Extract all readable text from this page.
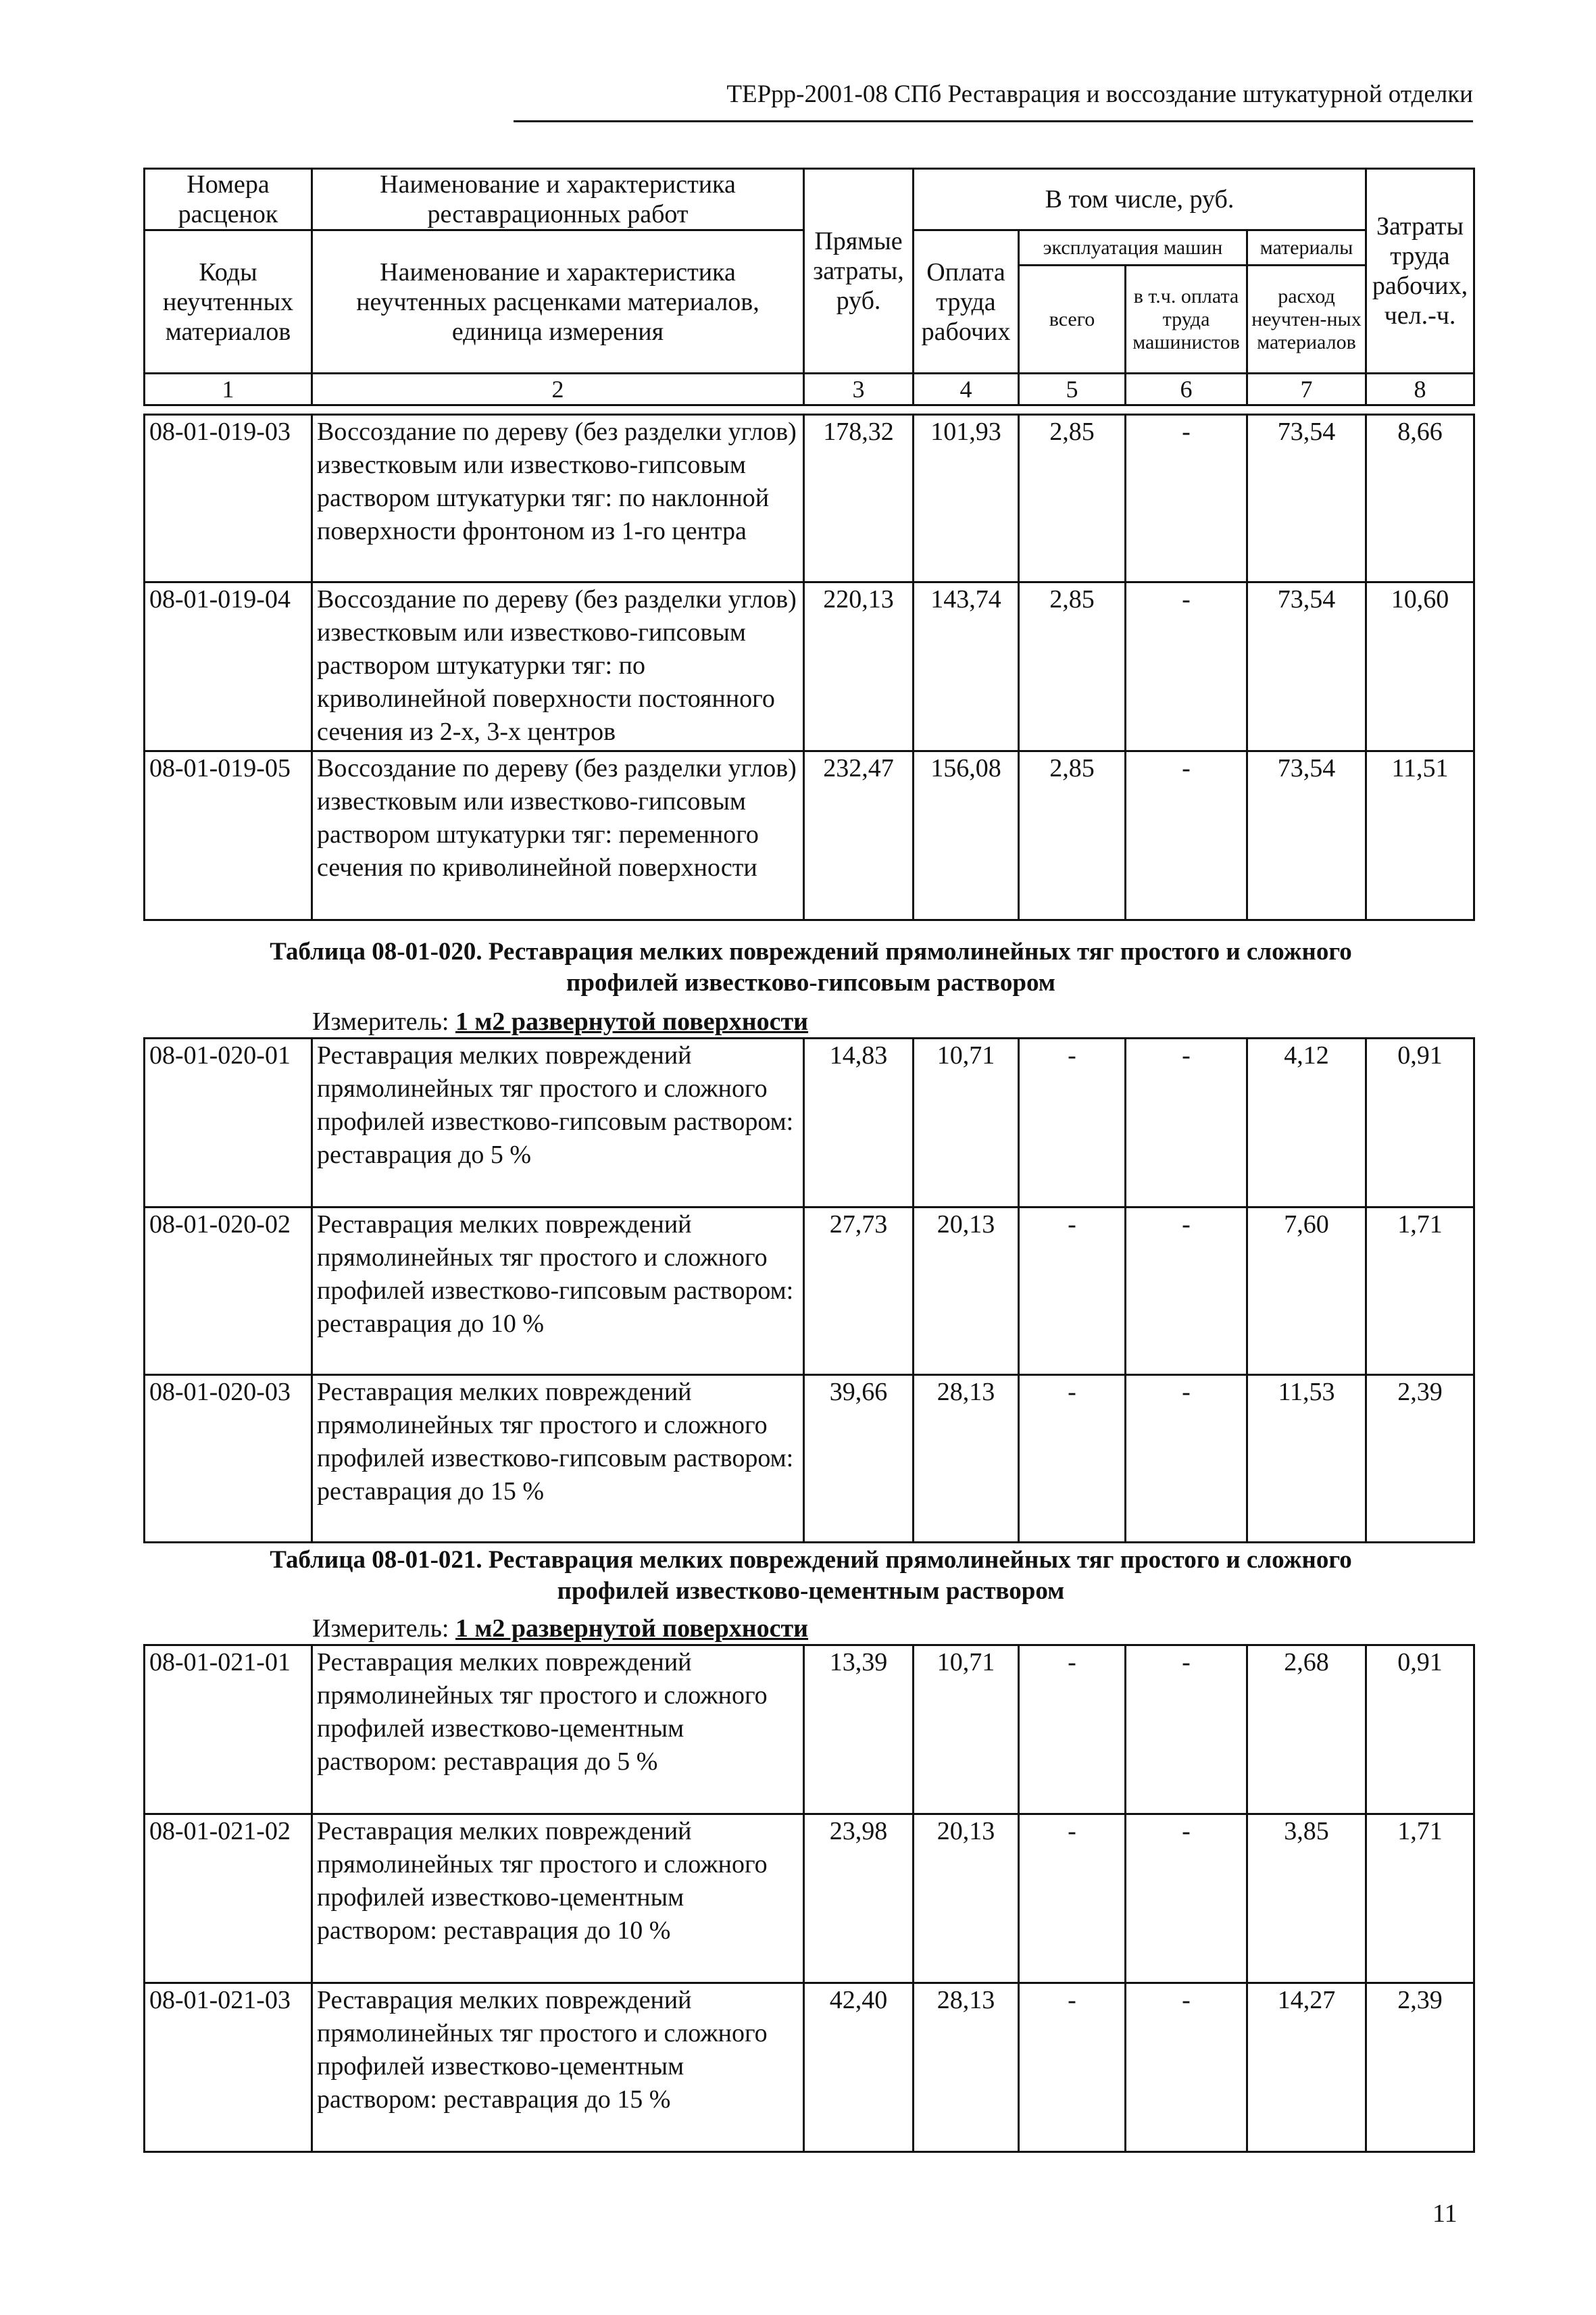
ТЕРрр-2001-08 СПб Реставрация и воссоздание штукатурной отделки
Номера расценок	Наименование и характеристика реставрационных работ	Прямые затраты, руб.	В том числе, руб.				Затраты труда рабочих, чел.-ч.
Коды неучтенных материалов	Наименование и характеристика неучтенных расценками материалов, единица измерения		Оплата труда рабочих	эксплуатация машин		материалы	
				всего	в т.ч. оплата труда машинистов	расход неучтен-ных материалов	
1	2	3	4	5	6	7	8
08-01-019-03	Воссоздание по дереву (без разделки углов) известковым или известково-гипсовым раствором штукатурки тяг: по наклонной поверхности фронтоном из 1-го центра	178,32	101,93	2,85	-	73,54	8,66
08-01-019-04	Воссоздание по дереву (без разделки углов) известковым или известково-гипсовым раствором штукатурки тяг: по криволинейной поверхности постоянного сечения из 2-х, 3-х центров	220,13	143,74	2,85	-	73,54	10,60
08-01-019-05	Воссоздание по дереву (без разделки углов) известковым или известково-гипсовым раствором штукатурки тяг: переменного сечения по криволинейной поверхности	232,47	156,08	2,85	-	73,54	11,51
Таблица 08-01-020. Реставрация мелких повреждений прямолинейных тяг простого и сложного
профилей известково-гипсовым раствором
Измеритель: 1 м2 развернутой поверхности
08-01-020-01	Реставрация мелких повреждений прямолинейных тяг простого и сложного профилей известково-гипсовым раствором: реставрация до 5 %	14,83	10,71	-	-	4,12	0,91
08-01-020-02	Реставрация мелких повреждений прямолинейных тяг простого и сложного профилей известково-гипсовым раствором: реставрация до 10 %	27,73	20,13	-	-	7,60	1,71
08-01-020-03	Реставрация мелких повреждений прямолинейных тяг простого и сложного профилей известково-гипсовым раствором: реставрация до 15 %	39,66	28,13	-	-	11,53	2,39
Таблица 08-01-021. Реставрация мелких повреждений прямолинейных тяг простого и сложного
профилей известково-цементным раствором
Измеритель: 1 м2 развернутой поверхности
08-01-021-01	Реставрация мелких повреждений прямолинейных тяг простого и сложного профилей известково-цементным раствором: реставрация до 5 %	13,39	10,71	-	-	2,68	0,91
08-01-021-02	Реставрация мелких повреждений прямолинейных тяг простого и сложного профилей известково-цементным раствором: реставрация до 10 %	23,98	20,13	-	-	3,85	1,71
08-01-021-03	Реставрация мелких повреждений прямолинейных тяг простого и сложного профилей известково-цементным раствором: реставрация до 15 %	42,40	28,13	-	-	14,27	2,39
11
